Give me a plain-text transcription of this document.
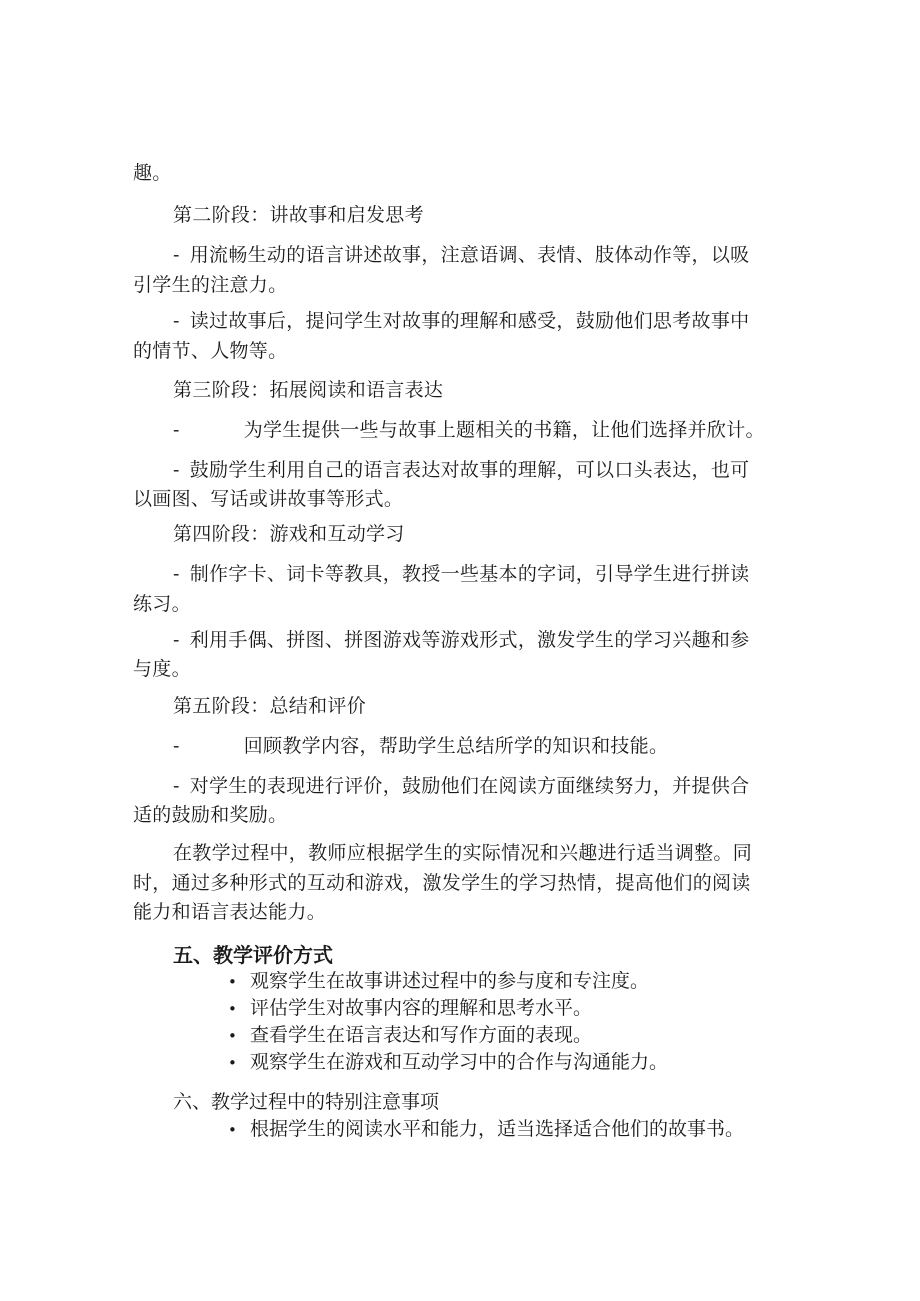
趣。
第二阶段：讲故事和启发思考
- 用流畅生动的语言讲述故事，注意语调、表情、肢体动作等，以吸
引学生的注意力。
- 读过故事后，提问学生对故事的理解和感受，鼓励他们思考故事中
的情节、人物等。
第三阶段：拓展阅读和语言表达
-	为学生提供一些与故事上题相关的书籍，让他们选择并欣计。
- 鼓励学生利用自己的语言表达对故事的理解，可以口头表达，也可
以画图、写话或讲故事等形式。
第四阶段：游戏和互动学习
- 制作字卡、词卡等教具，教授一些基本的字词，引导学生进行拼读
练习。
- 利用手偶、拼图、拼图游戏等游戏形式，激发学生的学习兴趣和参
与度。
第五阶段：总结和评价
-	回顾教学内容，帮助学生总结所学的知识和技能。
- 对学生的表现进行评价，鼓励他们在阅读方面继续努力，并提供合
适的鼓励和奖励。
在教学过程中，教师应根据学生的实际情况和兴趣进行适当调整。同
时，通过多种形式的互动和游戏，激发学生的学习热情，提高他们的阅读
能力和语言表达能力。
五、教学评价方式
• 观察学生在故事讲述过程中的参与度和专注度。
• 评估学生对故事内容的理解和思考水平。
• 查看学生在语言表达和写作方面的表现。
• 观察学生在游戏和互动学习中的合作与沟通能力。
六、教学过程中的特别注意事项
• 根据学生的阅读水平和能力，适当选择适合他们的故事书。
